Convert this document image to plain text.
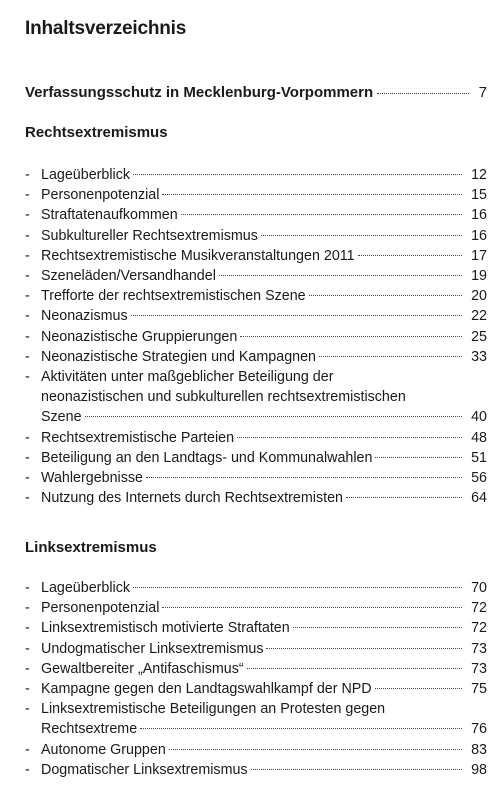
Inhaltsverzeichnis
Verfassungsschutz in Mecklenburg-Vorpommern	7
Rechtsextremismus
- Lageüberblick	12
- Personenpotenzial	15
- Straftatenaufkommen	16
- Subkultureller Rechtsextremismus	16
- Rechtsextremistische Musikveranstaltungen 2011	17
- Szeneläden/Versandhandel	19
- Trefforte der rechtsextremistischen Szene	20
- Neonazismus	22
- Neonazistische Gruppierungen	25
- Neonazistische Strategien und Kampagnen	33
- Aktivitäten unter maßgeblicher Beteiligung der
neonazistischen und subkulturellen rechtsextremistischen
Szene	40
- Rechtsextremistische Parteien	48
- Beteiligung an den Landtags- und Kommunalwahlen	51
- Wahlergebnisse	56
- Nutzung des Internets durch Rechtsextremisten	64
Linksextremismus
- Lageüberblick	70
- Personenpotenzial	72
- Linksextremistisch motivierte Straftaten	72
- Undogmatischer Linksextremismus	73
- Gewaltbereiter „Antifaschismus“	73
- Kampagne gegen den Landtagswahlkampf der NPD	75
- Linksextremistische Beteiligungen an Protesten gegen
Rechtsextreme	76
- Autonome Gruppen	83
- Dogmatischer Linksextremismus	98
